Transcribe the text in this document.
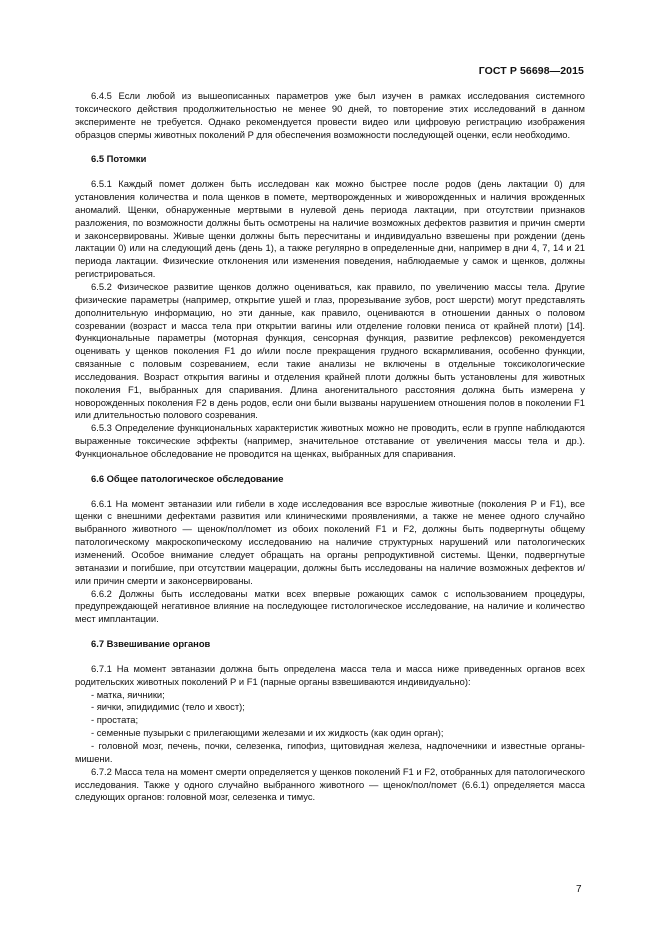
ГОСТ Р 56698—2015

6.4.5 Если любой из вышеописанных параметров уже был изучен в рамках исследования системного токсического действия продолжительностью не менее 90 дней, то повторение этих исследований в данном эксперименте не требуется. Однако рекомендуется провести видео или цифровую регистрацию изображения образцов спермы животных поколений Р для обеспечения возможности последующей оценки, если необходимо.

6.5 Потомки

6.5.1 Каждый помет должен быть исследован как можно быстрее после родов (день лактации 0) для установления количества и пола щенков в помете, мертворожденных и живорожденных и наличия врожденных аномалий. Щенки, обнаруженные мертвыми в нулевой день периода лактации, при отсутствии признаков разложения, по возможности должны быть осмотрены на наличие возможных дефектов развития и причин смерти и законсервированы. Живые щенки должны быть пересчитаны и индивидуально взвешены при рождении (день лактации 0) или на следующий день (день 1), а также регулярно в определенные дни, например в дни 4, 7, 14 и 21 периода лактации. Физические отклонения или изменения поведения, наблюдаемые у самок и щенков, должны регистрироваться.

6.5.2 Физическое развитие щенков должно оцениваться, как правило, по увеличению массы тела. Другие физические параметры (например, открытие ушей и глаз, прорезывание зубов, рост шерсти) могут представлять дополнительную информацию, но эти данные, как правило, оцениваются в отношении данных о половом созревании (возраст и масса тела при открытии вагины или отделение головки пениса от крайней плоти) [14]. Функциональные параметры (моторная функция, сенсорная функция, развитие рефлексов) рекомендуется оценивать у щенков поколения F1 до и/или после прекращения грудного вскармливания, особенно функции, связанные с половым созреванием, если такие анализы не включены в отдельные токсикологические исследования. Возраст открытия вагины и отделения крайней плоти должны быть установлены для животных поколения F1, выбранных для спаривания. Длина аногенитального расстояния должна быть измерена у новорожденных поколения F2 в день родов, если они были вызваны нарушением отношения полов в поколении F1 или длительностью полового созревания.

6.5.3 Определение функциональных характеристик животных можно не проводить, если в группе наблюдаются выраженные токсические эффекты (например, значительное отставание от увеличения массы тела и др.). Функциональное обследование не проводится на щенках, выбранных для спаривания.

6.6 Общее патологическое обследование

6.6.1 На момент эвтаназии или гибели в ходе исследования все взрослые животные (поколения Р и F1), все щенки с внешними дефектами развития или клиническими проявлениями, а также не менее одного случайно выбранного животного — щенок/пол/помет из обоих поколений F1 и F2, должны быть подвергнуты общему патологическому макроскопическому исследованию на наличие структурных нарушений или патологических изменений. Особое внимание следует обращать на органы репродуктивной системы. Щенки, подвергнутые эвтаназии и погибшие, при отсутствии мацерации, должны быть исследованы на наличие возможных дефектов и/или причин смерти и законсервированы.

6.6.2 Должны быть исследованы матки всех впервые рожающих самок с использованием процедуры, предупреждающей негативное влияние на последующее гистологическое исследование, на наличие и количество мест имплантации.

6.7 Взвешивание органов

6.7.1 На момент эвтаназии должна быть определена масса тела и масса ниже приведенных органов всех родительских животных поколений Р и F1 (парные органы взвешиваются индивидуально):

- матка, яичники;

- яички, эпидидимис (тело и хвост);

- простата;

- семенные пузырьки с прилегающими железами и их жидкость (как один орган);

- головной мозг, печень, почки, селезенка, гипофиз, щитовидная железа, надпочечники и известные органы-мишени.

6.7.2 Масса тела на момент смерти определяется у щенков поколений F1 и F2, отобранных для патологического исследования. Также у одного случайно выбранного животного — щенок/пол/помет (6.6.1) определяется масса следующих органов: головной мозг, селезенка и тимус.

7
